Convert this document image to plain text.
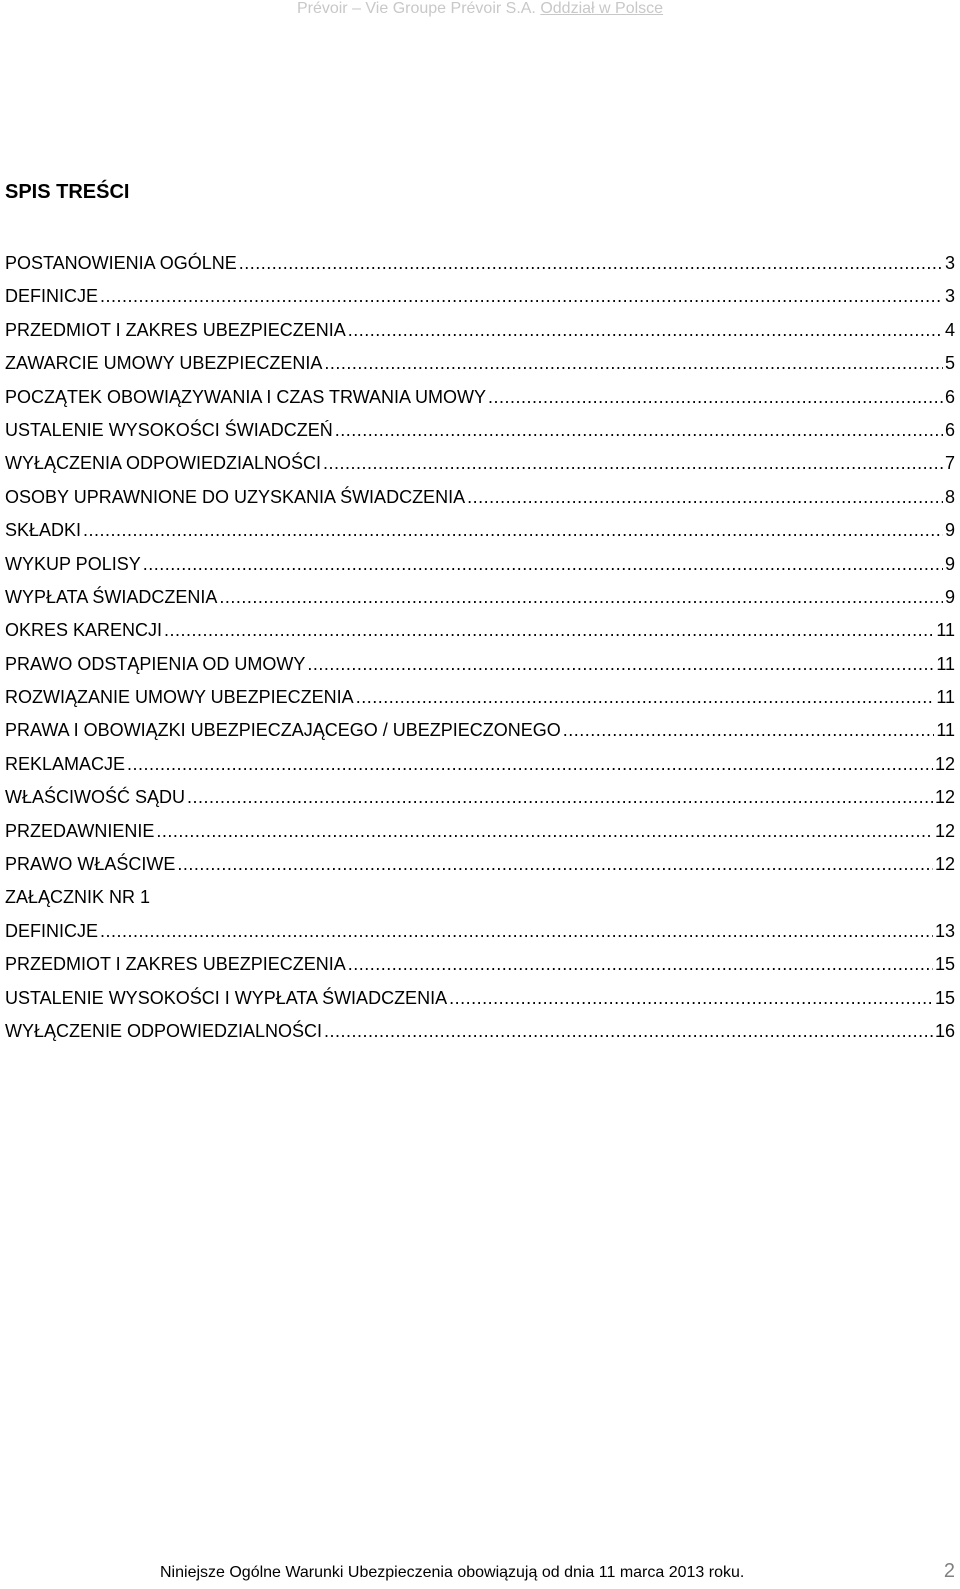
Prévoir – Vie Groupe Prévoir S.A. Oddział w Polsce
SPIS TREŚCI
POSTANOWIENIA OGÓLNE .....	3
DEFINICJE .....	3
PRZEDMIOT I ZAKRES UBEZPIECZENIA .....	4
ZAWARCIE UMOWY UBEZPIECZENIA .....	5
POCZĄTEK OBOWIĄZYWANIA I CZAS TRWANIA UMOWY .....	6
USTALENIE WYSOKOŚCI ŚWIADCZEŃ .....	6
WYŁĄCZENIA ODPOWIEDZIALNOŚCI .....	7
OSOBY UPRAWNIONE DO UZYSKANIA ŚWIADCZENIA .....	8
SKŁADKI .....	9
WYKUP POLISY .....	9
WYPŁATA ŚWIADCZENIA .....	9
OKRES KARENCJI .....	11
PRAWO ODSTĄPIENIA OD UMOWY .....	11
ROZWIĄZANIE UMOWY UBEZPIECZENIA .....	11
PRAWA I OBOWIĄZKI UBEZPIECZAJĄCEGO / UBEZPIECZONEGO .....	11
REKLAMACJE .....	12
WŁAŚCIWOŚĆ SĄDU .....	12
PRZEDAWNIENIE .....	12
PRAWO WŁAŚCIWE .....	12
ZAŁĄCZNIK NR 1
DEFINICJE .....	13
PRZEDMIOT I ZAKRES UBEZPIECZENIA .....	15
USTALENIE WYSOKOŚCI I WYPŁATA ŚWIADCZENIA .....	15
WYŁĄCZENIE ODPOWIEDZIALNOŚCI .....	16
Niniejsze Ogólne Warunki Ubezpieczenia obowiązują od dnia 11 marca 2013 roku.	2
